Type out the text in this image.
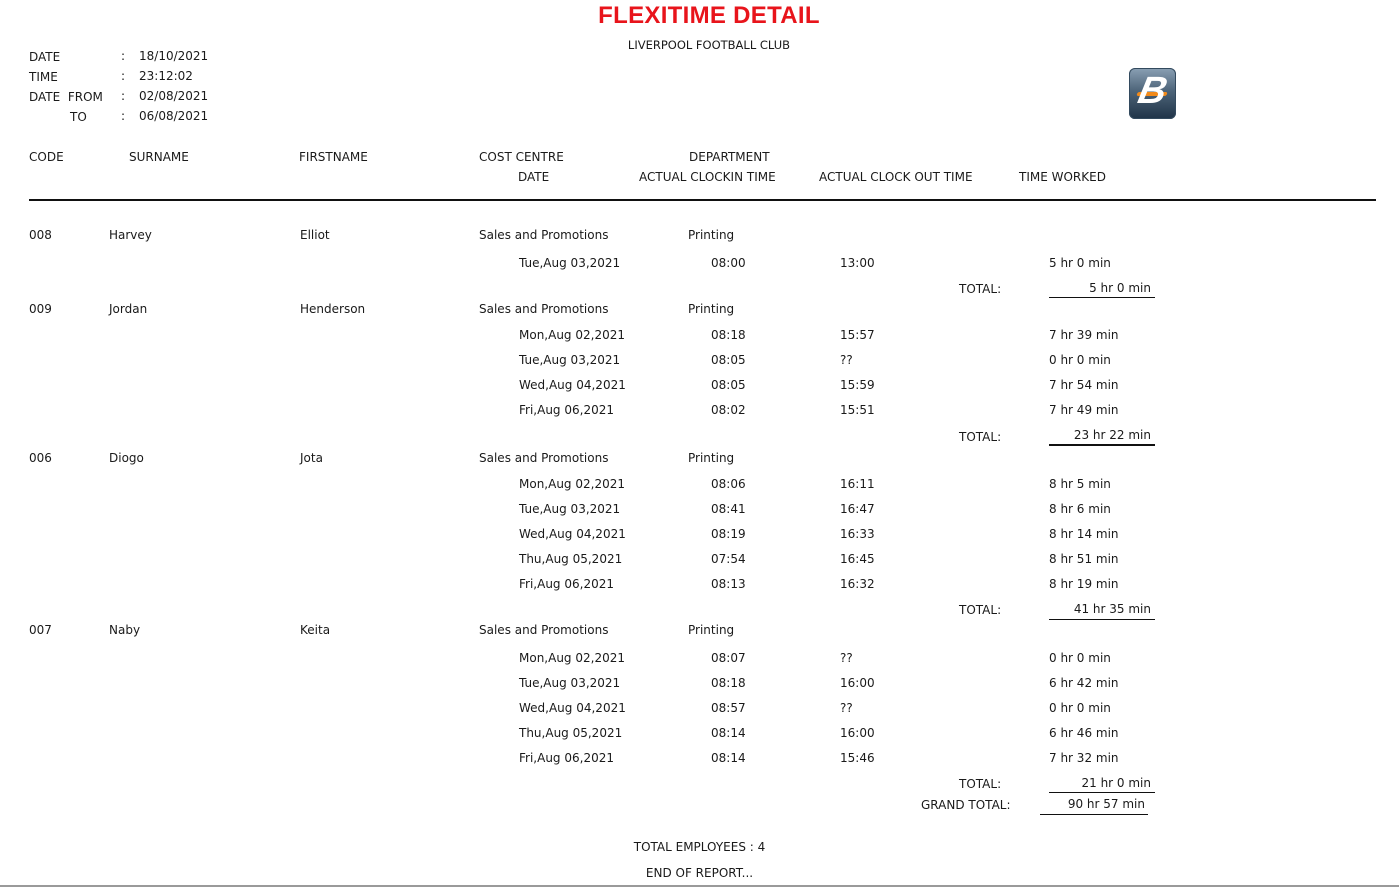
FLEXITIME DETAIL
LIVERPOOL FOOTBALL CLUB
DATE	: 18/10/2021
TIME	: 23:12:02
DATE  FROM : 02/08/2021
TO	: 06/08/2021
B
CODE	SURNAME	FIRSTNAME	COST CENTRE	DEPARTMENT
DATE	ACTUAL CLOCKIN TIME	ACTUAL CLOCK OUT TIME	TIME WORKED
008	Harvey	Elliot	Sales and Promotions	Printing
Tue,Aug 03,2021	08:00	13:00	5 hr 0 min
TOTAL:	5 hr 0 min
009	Jordan	Henderson	Sales and Promotions	Printing
Mon,Aug 02,2021	08:18	15:57	7 hr 39 min
Tue,Aug 03,2021	08:05	??	0 hr 0 min
Wed,Aug 04,2021	08:05	15:59	7 hr 54 min
Fri,Aug 06,2021	08:02	15:51	7 hr 49 min
TOTAL:	23 hr 22 min
006	Diogo	Jota	Sales and Promotions	Printing
Mon,Aug 02,2021	08:06	16:11	8 hr 5 min
Tue,Aug 03,2021	08:41	16:47	8 hr 6 min
Wed,Aug 04,2021	08:19	16:33	8 hr 14 min
Thu,Aug 05,2021	07:54	16:45	8 hr 51 min
Fri,Aug 06,2021	08:13	16:32	8 hr 19 min
TOTAL:	41 hr 35 min
007	Naby	Keita	Sales and Promotions	Printing
Mon,Aug 02,2021	08:07	??	0 hr 0 min
Tue,Aug 03,2021	08:18	16:00	6 hr 42 min
Wed,Aug 04,2021	08:57	??	0 hr 0 min
Thu,Aug 05,2021	08:14	16:00	6 hr 46 min
Fri,Aug 06,2021	08:14	15:46	7 hr 32 min
TOTAL:	21 hr 0 min
GRAND TOTAL:	90 hr 57 min
TOTAL EMPLOYEES : 4
END OF REPORT...
